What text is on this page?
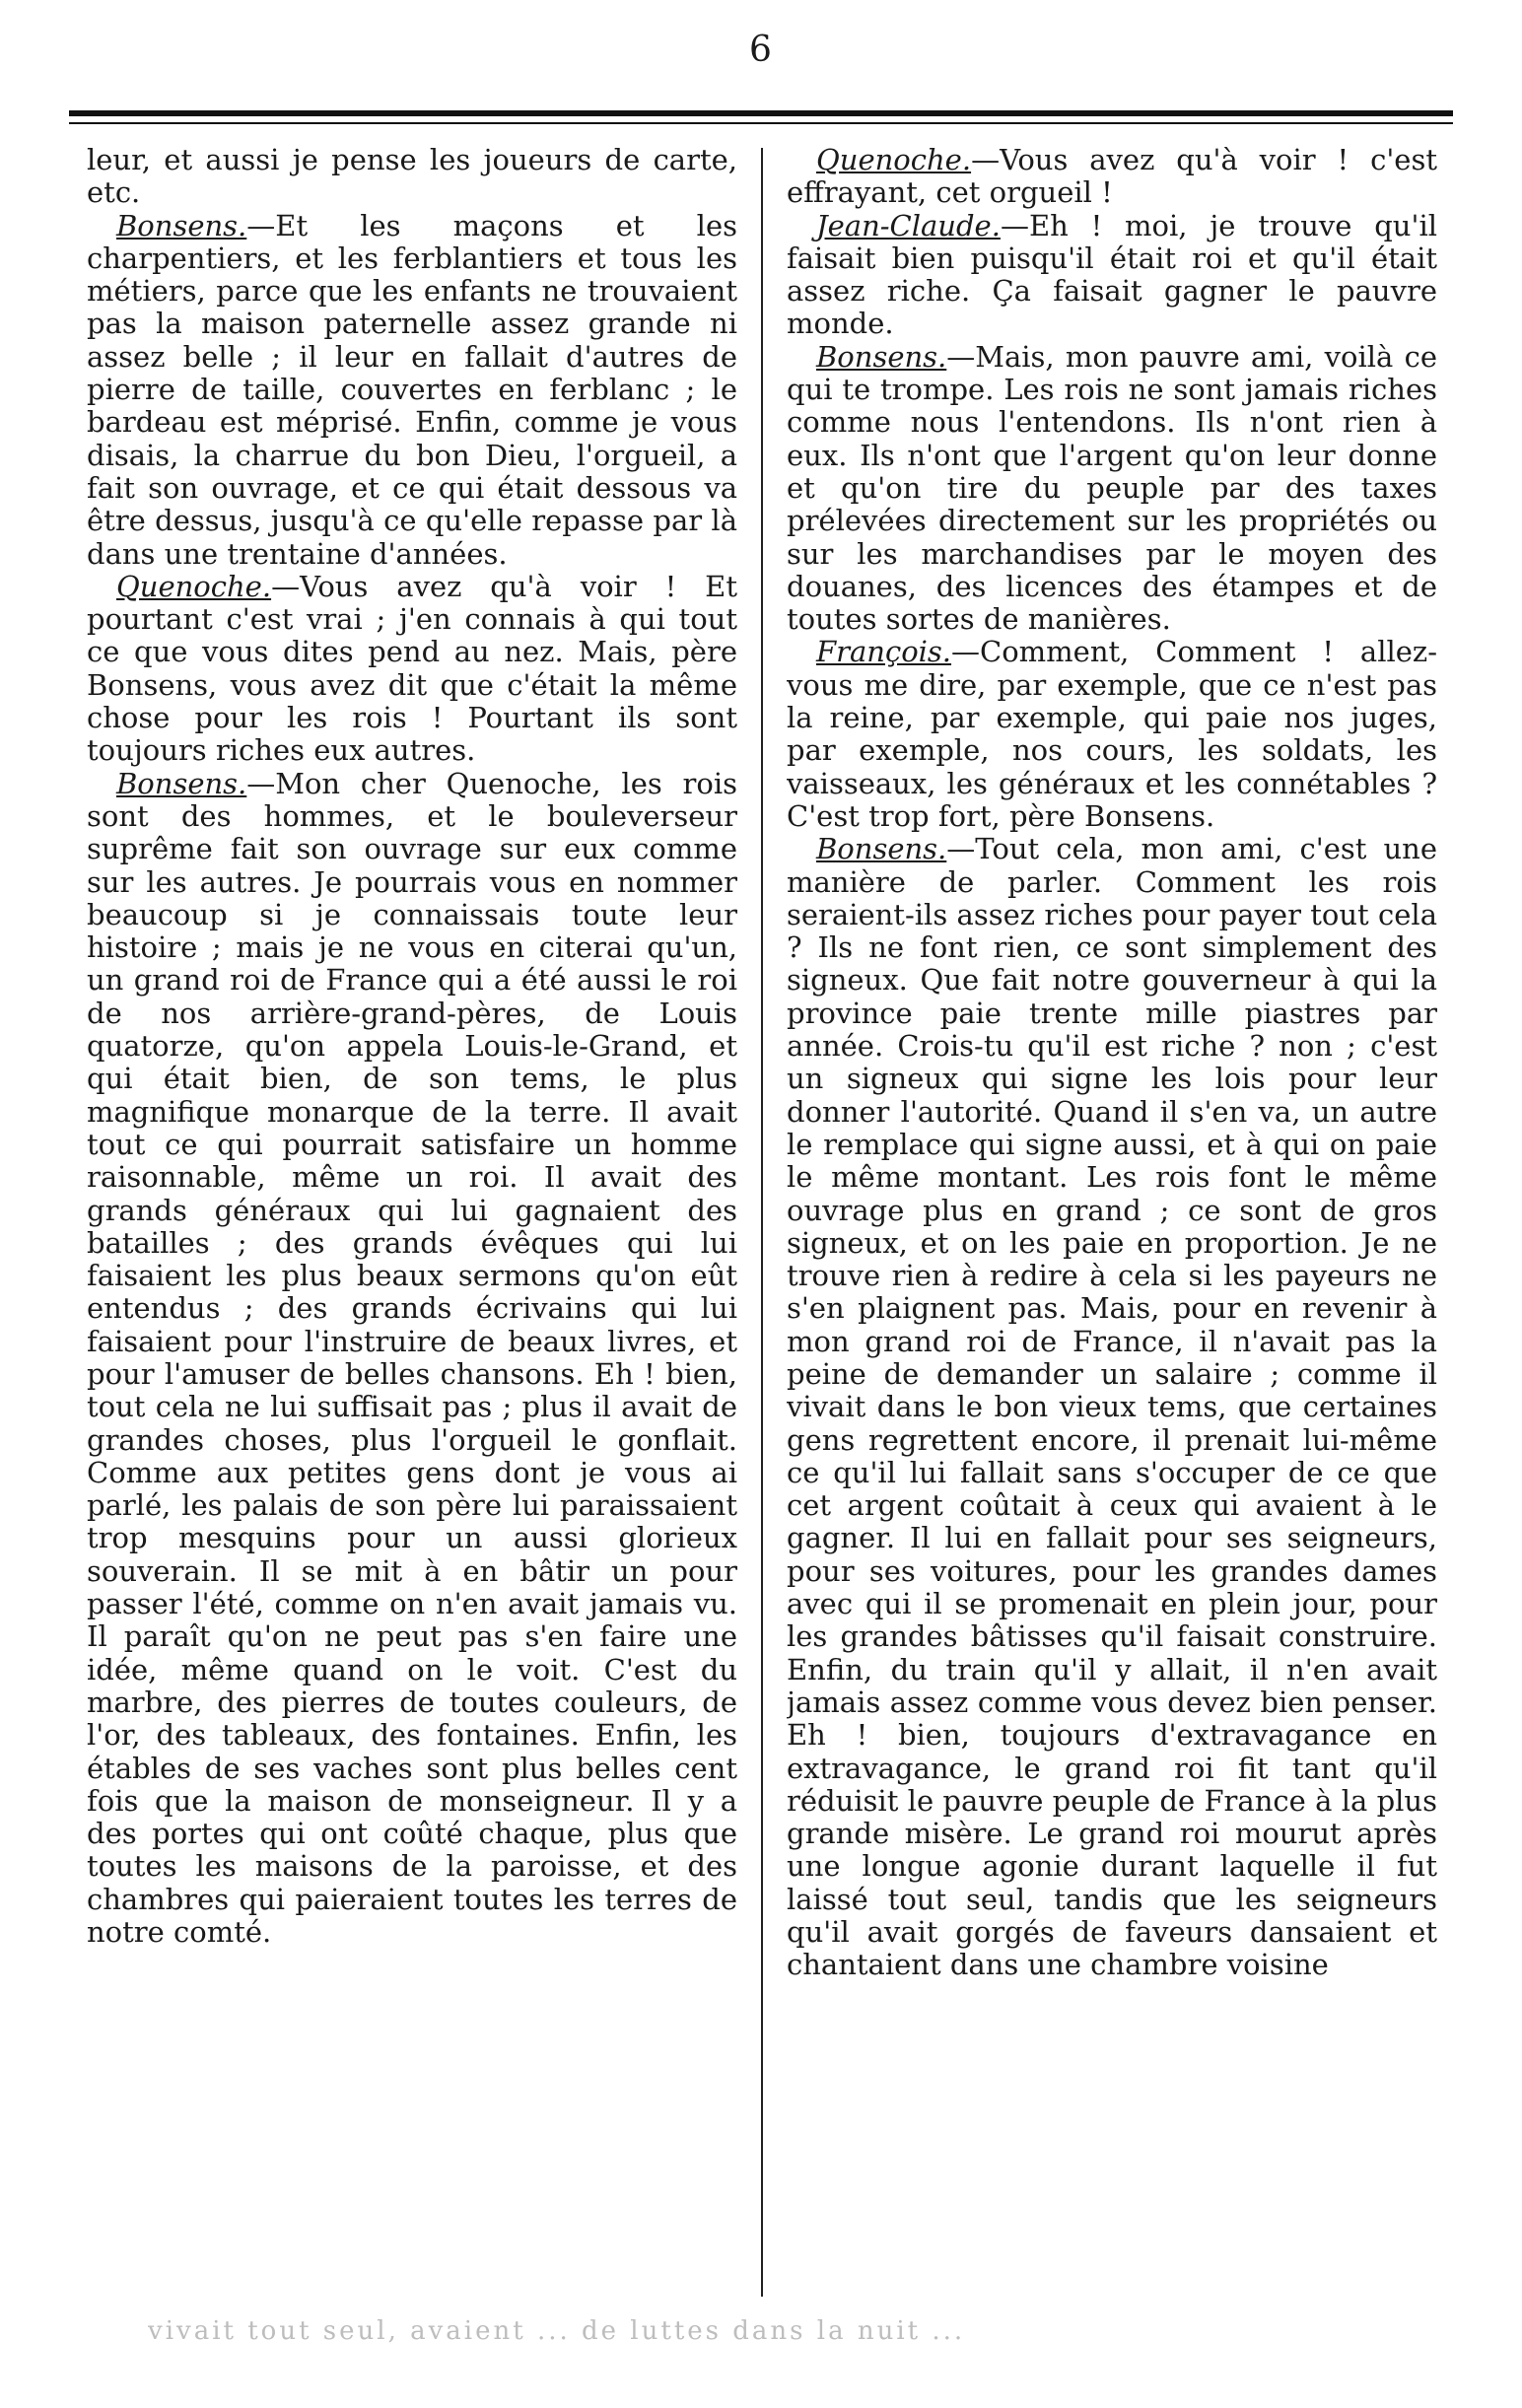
6

leur, et aussi je pense les joueurs de carte, etc.

Bonsens.—Et les maçons et les charpentiers, et les ferblantiers et tous les métiers, parce que les enfants ne trouvaient pas la maison paternelle assez grande ni assez belle ; il leur en fallait d'autres de pierre de taille, couvertes en ferblanc ; le bardeau est méprisé. Enfin, comme je vous disais, la charrue du bon Dieu, l'orgueil, a fait son ouvrage, et ce qui était dessous va être dessus, jusqu'à ce qu'elle repasse par là dans une trentaine d'années.

Quenoche.—Vous avez qu'à voir ! Et pourtant c'est vrai ; j'en connais à qui tout ce que vous dites pend au nez. Mais, père Bonsens, vous avez dit que c'était la même chose pour les rois ! Pourtant ils sont toujours riches eux autres.

Bonsens.—Mon cher Quenoche, les rois sont des hommes, et le bouleverseur suprême fait son ouvrage sur eux comme sur les autres. Je pourrais vous en nommer beaucoup si je connaissais toute leur histoire ; mais je ne vous en citerai qu'un, un grand roi de France qui a été aussi le roi de nos arrière-grand-pères, de Louis quatorze, qu'on appela Louis-le-Grand, et qui était bien, de son tems, le plus magnifique monarque de la terre. Il avait tout ce qui pourrait satisfaire un homme raisonnable, même un roi. Il avait des grands généraux qui lui gagnaient des batailles ; des grands évêques qui lui faisaient les plus beaux sermons qu'on eût entendus ; des grands écrivains qui lui faisaient pour l'instruire de beaux livres, et pour l'amuser de belles chansons. Eh ! bien, tout cela ne lui suffisait pas ; plus il avait de grandes choses, plus l'orgueil le gonflait. Comme aux petites gens dont je vous ai parlé, les palais de son père lui paraissaient trop mesquins pour un aussi glorieux souverain. Il se mit à en bâtir un pour passer l'été, comme on n'en avait jamais vu. Il paraît qu'on ne peut pas s'en faire une idée, même quand on le voit. C'est du marbre, des pierres de toutes couleurs, de l'or, des tableaux, des fontaines. Enfin, les étables de ses vaches sont plus belles cent fois que la maison de monseigneur. Il y a des portes qui ont coûté chaque, plus que toutes les maisons de la paroisse, et des chambres qui paieraient toutes les terres de notre comté.

Quenoche.—Vous avez qu'à voir ! c'est effrayant, cet orgueil !

Jean-Claude.—Eh ! moi, je trouve qu'il faisait bien puisqu'il était roi et qu'il était assez riche. Ça faisait gagner le pauvre monde.

Bonsens.—Mais, mon pauvre ami, voilà ce qui te trompe. Les rois ne sont jamais riches comme nous l'entendons. Ils n'ont rien à eux. Ils n'ont que l'argent qu'on leur donne et qu'on tire du peuple par des taxes prélevées directement sur les propriétés ou sur les marchandises par le moyen des douanes, des licences des étampes et de toutes sortes de manières.

François.—Comment, Comment ! allez-vous me dire, par exemple, que ce n'est pas la reine, par exemple, qui paie nos juges, par exemple, nos cours, les soldats, les vaisseaux, les généraux et les connétables ? C'est trop fort, père Bonsens.

Bonsens.—Tout cela, mon ami, c'est une manière de parler. Comment les rois seraient-ils assez riches pour payer tout cela ? Ils ne font rien, ce sont simplement des signeux. Que fait notre gouverneur à qui la province paie trente mille piastres par année. Crois-tu qu'il est riche ? non ; c'est un signeux qui signe les lois pour leur donner l'autorité. Quand il s'en va, un autre le remplace qui signe aussi, et à qui on paie le même montant. Les rois font le même ouvrage plus en grand ; ce sont de gros signeux, et on les paie en proportion. Je ne trouve rien à redire à cela si les payeurs ne s'en plaignent pas. Mais, pour en revenir à mon grand roi de France, il n'avait pas la peine de demander un salaire ; comme il vivait dans le bon vieux tems, que certaines gens regrettent encore, il prenait lui-même ce qu'il lui fallait sans s'occuper de ce que cet argent coûtait à ceux qui avaient à le gagner. Il lui en fallait pour ses seigneurs, pour ses voitures, pour les grandes dames avec qui il se promenait en plein jour, pour les grandes bâtisses qu'il faisait construire. Enfin, du train qu'il y allait, il n'en avait jamais assez comme vous devez bien penser. Eh ! bien, toujours d'extravagance en extravagance, le grand roi fit tant qu'il réduisit le pauvre peuple de France à la plus grande misère. Le grand roi mourut après une longue agonie durant laquelle il fut laissé tout seul, tandis que les seigneurs qu'il avait gorgés de faveurs dansaient et chantaient dans une chambre voisine

vivait tout seul, avaient ... de luttes dans la nuit ...
